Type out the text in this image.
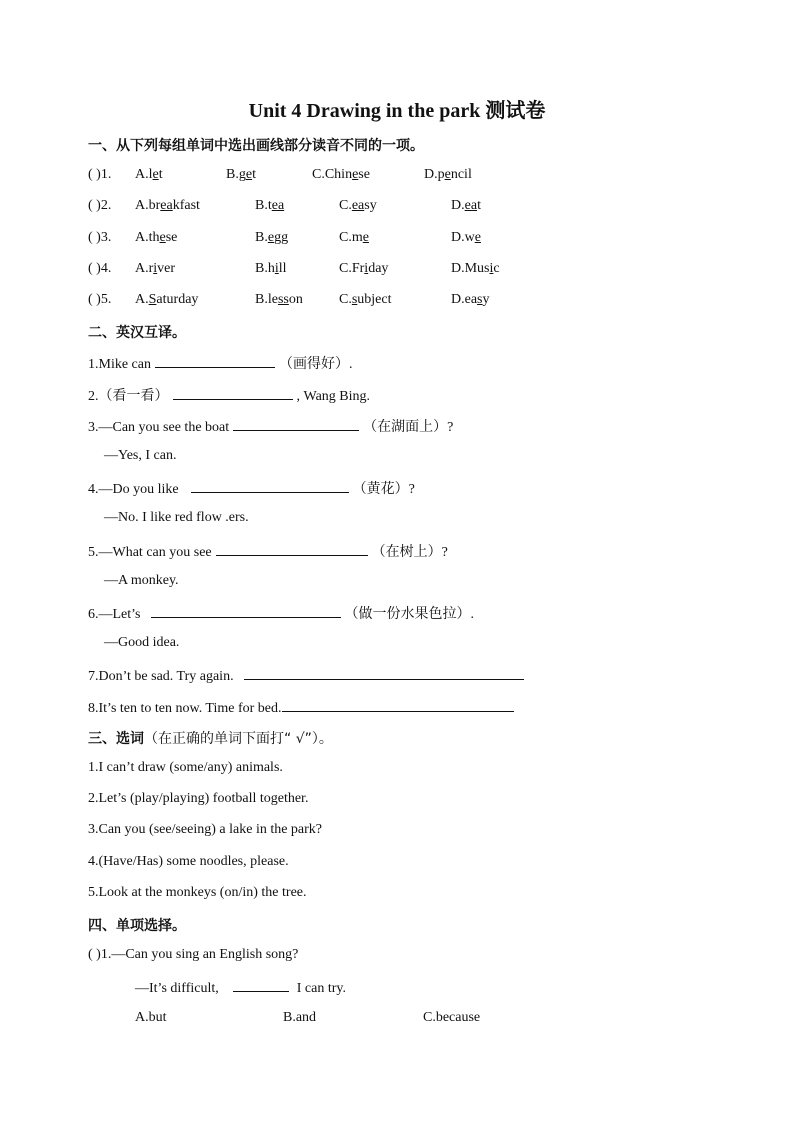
Unit 4 Drawing in the park 测试卷
一、从下列每组单词中选出画线部分读音不同的一项。
( )1. A.let	B.get	C.Chinese	D.pencil
( )2. A.breakfast	B.tea	C.easy	D.eat
( )3. A.these	B.egg	C.me	D.we
( )4. A.river	B.hill	C.Friday	D.Music
( )5. A.Saturday	B.lesson	C.subject	D.easy
二、英汉互译。
1.Mike can	（画得好）.
2.（看一看）	, Wang Bing.
3.—Can you see the boat	（在湖面上）?
—Yes, I can.
4.—Do you like	（黄花）?
—No. I like red flow .ers.
5.—What can you see	（在树上）?
—A monkey.
6.—Let’s	（做一份水果色拉）.
—Good idea.
7.Don’t be sad. Try again.
8.It’s ten to ten now. Time for bed.
三、选词（在正确的单词下面打“ √”）。
1.I can’t draw (some/any) animals.
2.Let’s (play/playing) football together.
3.Can you (see/seeing) a lake in the park?
4.(Have/Has) some noodles, please.
5.Look at the monkeys (on/in) the tree.
四、单项选择。
( )1.—Can you sing an English song?
—It’s difficult,	I can try.
A.but	B.and	C.because
